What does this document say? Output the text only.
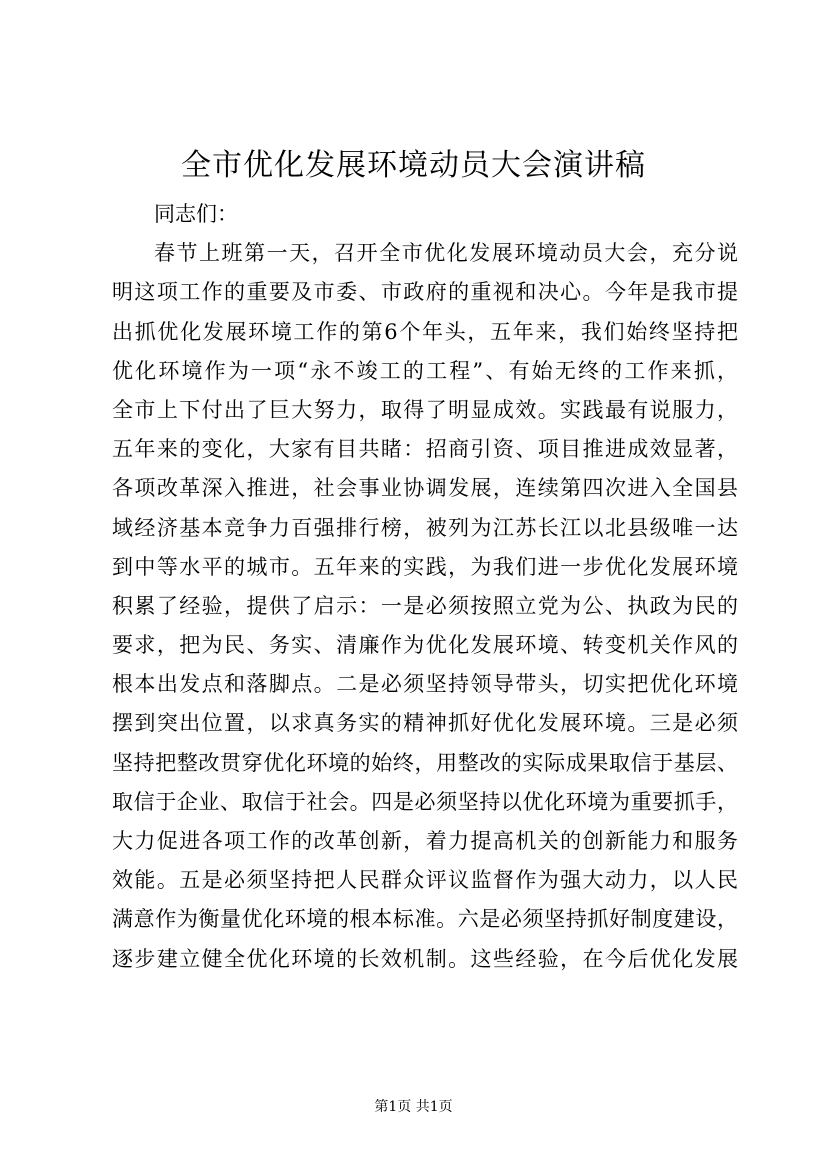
全市优化发展环境动员大会演讲稿
同志们：
春节上班第一天，召开全市优化发展环境动员大会，充分说
明这项工作的重要及市委、市政府的重视和决心。今年是我市提
出抓优化发展环境工作的第6个年头，五年来，我们始终坚持把
优化环境作为一项“永不竣工的工程”、有始无终的工作来抓，
全市上下付出了巨大努力，取得了明显成效。实践最有说服力，
五年来的变化，大家有目共睹：招商引资、项目推进成效显著，
各项改革深入推进，社会事业协调发展，连续第四次进入全国县
域经济基本竞争力百强排行榜，被列为江苏长江以北县级唯一达
到中等水平的城市。五年来的实践，为我们进一步优化发展环境
积累了经验，提供了启示：一是必须按照立党为公、执政为民的
要求，把为民、务实、清廉作为优化发展环境、转变机关作风的
根本出发点和落脚点。二是必须坚持领导带头，切实把优化环境
摆到突出位置，以求真务实的精神抓好优化发展环境。三是必须
坚持把整改贯穿优化环境的始终，用整改的实际成果取信于基层、
取信于企业、取信于社会。四是必须坚持以优化环境为重要抓手，
大力促进各项工作的改革创新，着力提高机关的创新能力和服务
效能。五是必须坚持把人民群众评议监督作为强大动力，以人民
满意作为衡量优化环境的根本标准。六是必须坚持抓好制度建设，
逐步建立健全优化环境的长效机制。这些经验，在今后优化发展
第1页 共1页
